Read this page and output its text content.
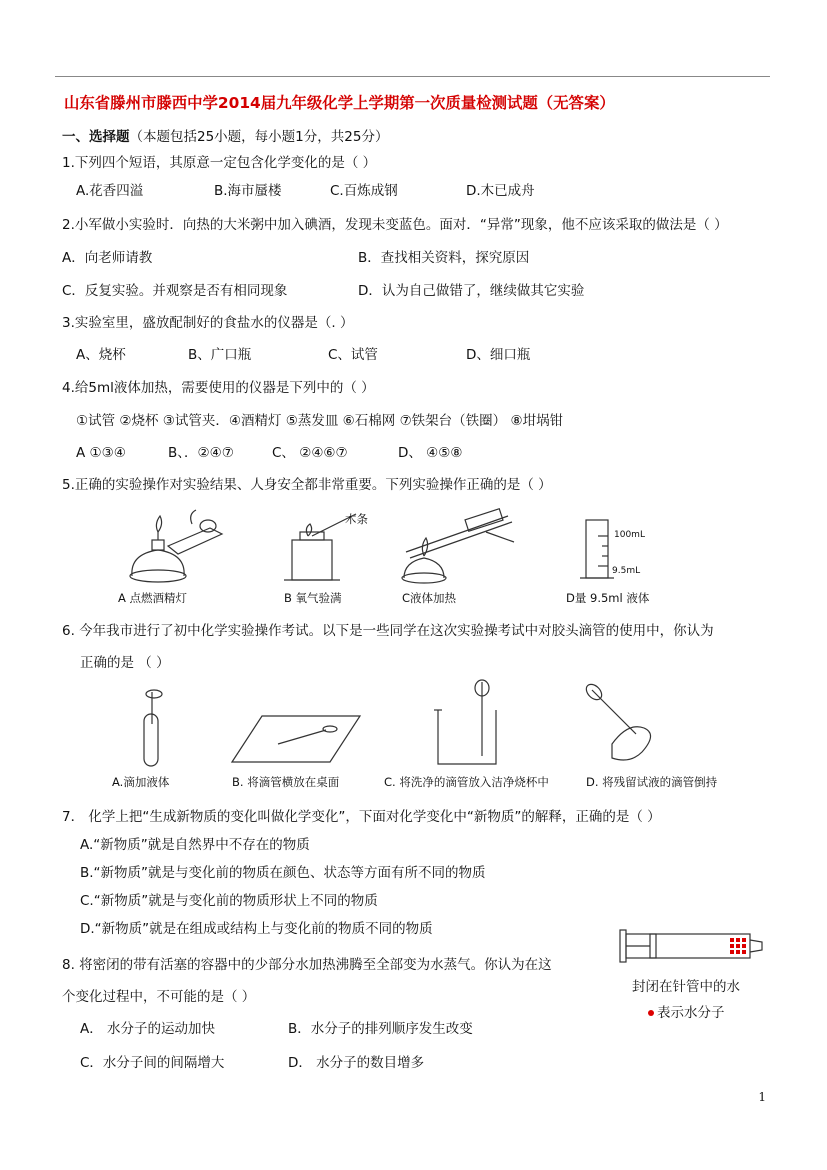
山东省滕州市滕西中学2014届九年级化学上学期第一次质量检测试题（无答案）
一、选择题（本题包括25小题，每小题1分，共25分）
1.下列四个短语，其原意一定包含化学变化的是（ ）
A.花香四溢	B.海市蜃楼	C.百炼成钢	D.木已成舟
2.小军做小实验时．向热的大米粥中加入碘酒，发现未变蓝色。面对．“异常”现象，他不应该采取的做法是（ ）
A．向老师请教	B．查找相关资料，探究原因
C．反复实验。并观察是否有相同现象	D．认为自己做错了，继续做其它实验
3.实验室里，盛放配制好的食盐水的仪器是（. ）
A、烧杯	B、广口瓶	C、试管	D、细口瓶
4.给5ml液体加热，需要使用的仪器是下列中的（ ）
①试管 ②烧杯 ③试管夹．④酒精灯 ⑤蒸发皿 ⑥石棉网 ⑦铁架台（铁圈） ⑧坩埚钳
A ①③④	B、．②④⑦	C、 ②④⑥⑦	D、 ④⑤⑧
5.正确的实验操作对实验结果、人身安全都非常重要。下列实验操作正确的是（ ）
A 点燃酒精灯
木条
B 氧气验满	C液体加热
100mL
9.5mL
D量 9.5ml 液体
6. 今年我市进行了初中化学实验操作考试。以下是一些同学在这次实验操考试中对胶头滴管的使用中，你认为
正确的是 （ ）
A.滴加液体	B. 将滴管横放在桌面	C. 将洗净的滴管放入洁净烧杯中	D. 将残留试液的滴管倒持
7． 化学上把“生成新物质的变化叫做化学变化”，下面对化学变化中“新物质”的解释，正确的是（ ）
A.“新物质”就是自然界中不存在的物质
B.“新物质”就是与变化前的物质在颜色、状态等方面有所不同的物质
C.“新物质”就是与变化前的物质形状上不同的物质
D.“新物质”就是在组成或结构上与变化前的物质不同的物质
8. 将密闭的带有活塞的容器中的少部分水加热沸腾至全部变为水蒸气。你认为在这
个变化过程中，不可能的是（ ）
A． 水分子的运动加快	B．水分子的排列顺序发生改变
C．水分子间的间隔增大	D． 水分子的数目增多
封闭在针管中的水
表示水分子
1
